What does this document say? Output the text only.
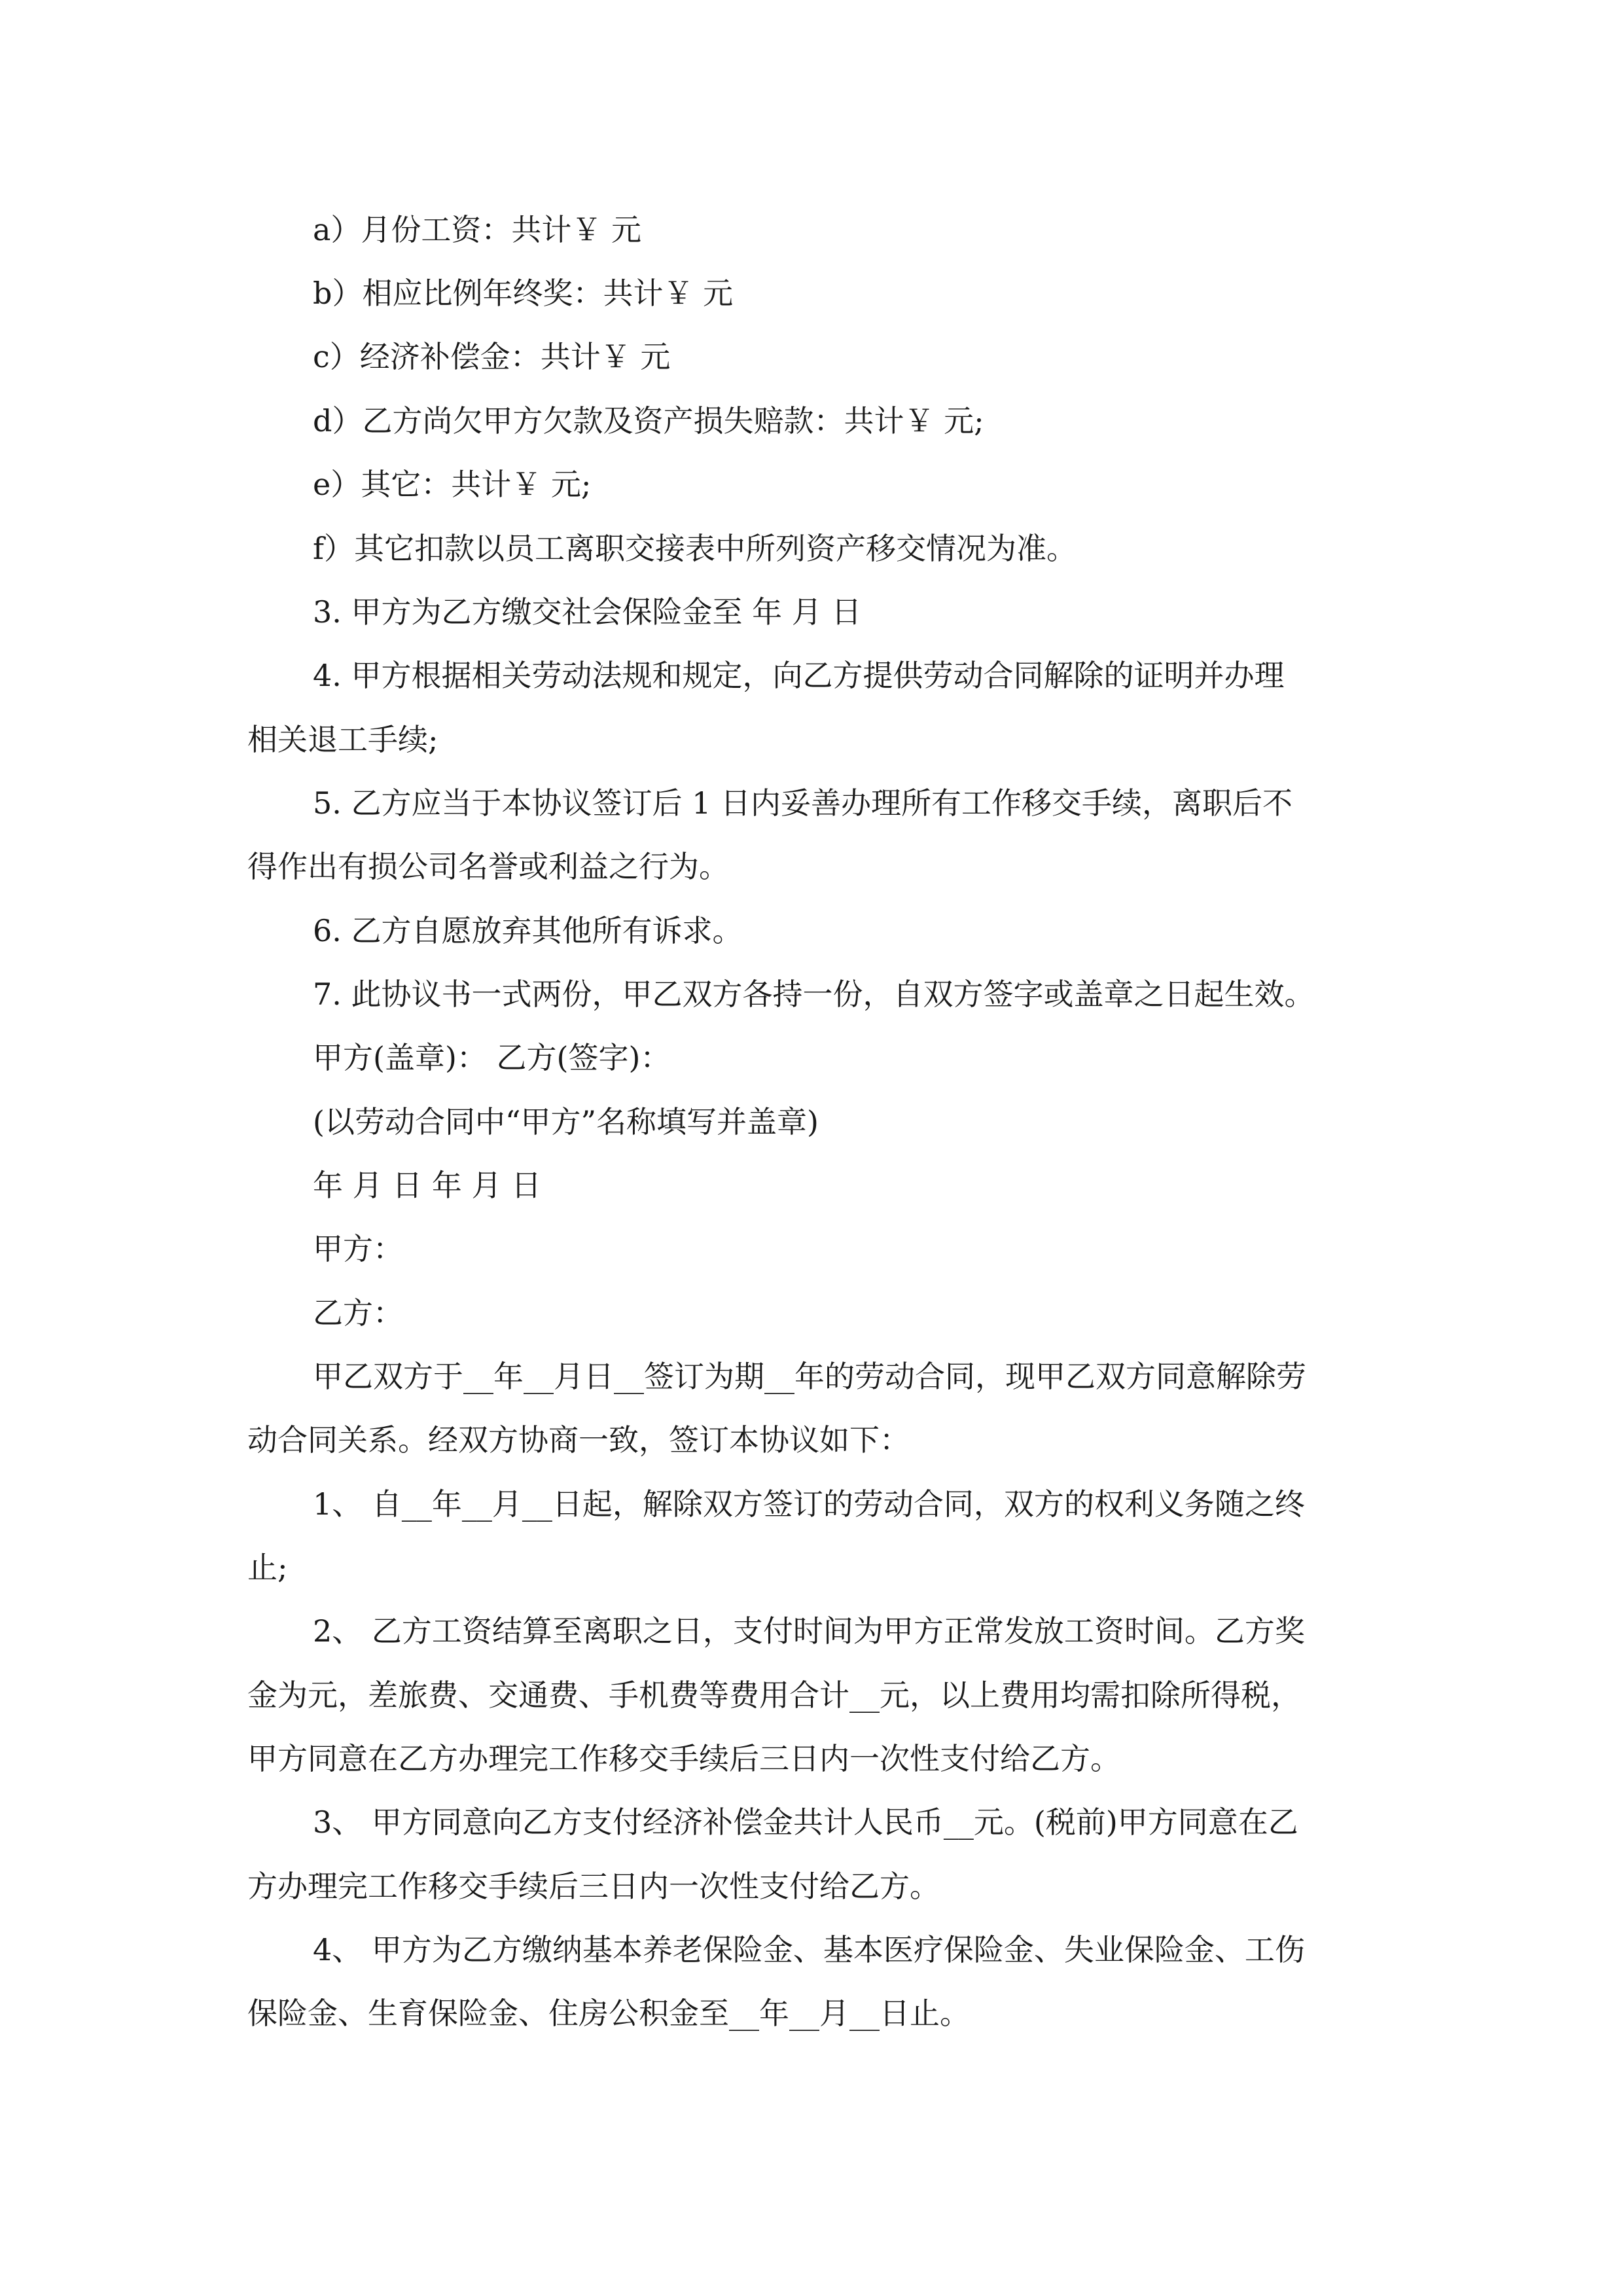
a）月份工资：共计￥ 元
b）相应比例年终奖：共计￥ 元
c）经济补偿金：共计￥ 元
d）乙方尚欠甲方欠款及资产损失赔款：共计￥ 元;
e）其它：共计￥ 元;
f）其它扣款以员工离职交接表中所列资产移交情况为准。
3. 甲方为乙方缴交社会保险金至 年 月 日
4. 甲方根据相关劳动法规和规定，向乙方提供劳动合同解除的证明并办理
相关退工手续;
5. 乙方应当于本协议签订后 1 日内妥善办理所有工作移交手续，离职后不
得作出有损公司名誉或利益之行为。
6. 乙方自愿放弃其他所有诉求。
7. 此协议书一式两份，甲乙双方各持一份，自双方签字或盖章之日起生效。
甲方(盖章)： 乙方(签字)：
(以劳动合同中“甲方”名称填写并盖章)
年 月 日 年 月 日
甲方：
乙方：
甲乙双方于__年__月日__签订为期__年的劳动合同，现甲乙双方同意解除劳
动合同关系。经双方协商一致，签订本协议如下：
1、 自__年__月__日起，解除双方签订的劳动合同，双方的权利义务随之终
止;
2、 乙方工资结算至离职之日，支付时间为甲方正常发放工资时间。乙方奖
金为元，差旅费、交通费、手机费等费用合计__元，以上费用均需扣除所得税，
甲方同意在乙方办理完工作移交手续后三日内一次性支付给乙方。
3、 甲方同意向乙方支付经济补偿金共计人民币__元。(税前)甲方同意在乙
方办理完工作移交手续后三日内一次性支付给乙方。
4、 甲方为乙方缴纳基本养老保险金、基本医疗保险金、失业保险金、工伤
保险金、生育保险金、住房公积金至__年__月__日止。
